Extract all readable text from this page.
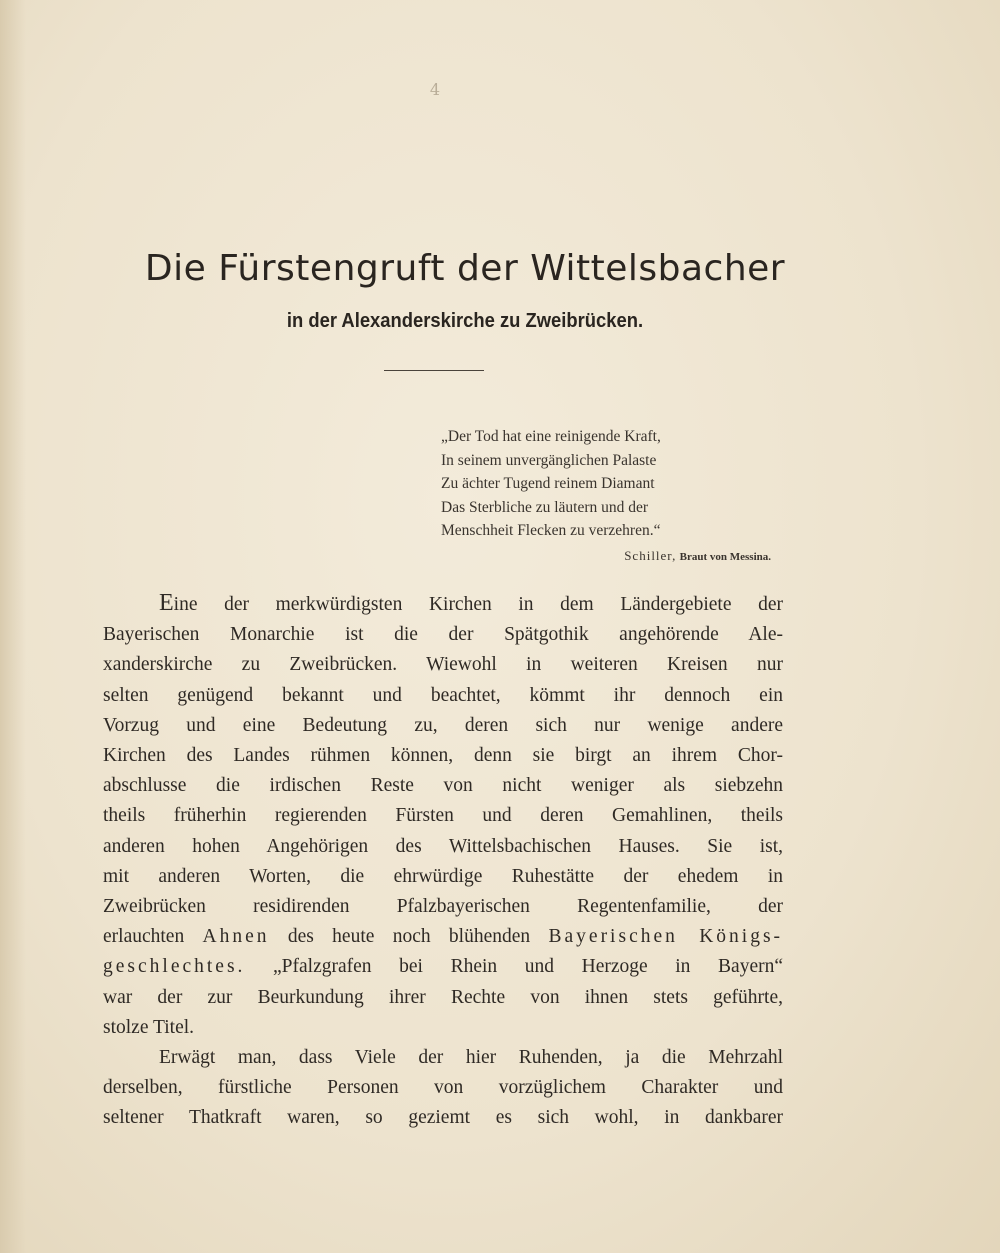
4
Die Fürstengruft der Wittelsbacher
in der Alexanderskirche zu Zweibrücken.
„Der Tod hat eine reinigende Kraft,
In seinem unvergänglichen Palaste
Zu ächter Tugend reinem Diamant
Das Sterbliche zu läutern und der
Menschheit Flecken zu verzehren.“
Schiller, Braut von Messina.

Eine der merkwürdigsten Kirchen in dem Ländergebiete der
Bayerischen Monarchie ist die der Spätgothik angehörende Ale-
xanderskirche zu Zweibrücken. Wiewohl in weiteren Kreisen nur
selten genügend bekannt und beachtet, kömmt ihr dennoch ein
Vorzug und eine Bedeutung zu, deren sich nur wenige andere
Kirchen des Landes rühmen können, denn sie birgt an ihrem Chor-
abschlusse die irdischen Reste von nicht weniger als siebzehn
theils früherhin regierenden Fürsten und deren Gemahlinen, theils
anderen hohen Angehörigen des Wittelsbachischen Hauses. Sie ist,
mit anderen Worten, die ehrwürdige Ruhestätte der ehedem in
Zweibrücken residirenden Pfalzbayerischen Regentenfamilie, der
erlauchten Ahnen des heute noch blühenden Bayerischen Königs-
geschlechtes. „Pfalzgrafen bei Rhein und Herzoge in Bayern“
war der zur Beurkundung ihrer Rechte von ihnen stets geführte,
stolze Titel.

Erwägt man, dass Viele der hier Ruhenden, ja die Mehrzahl
derselben, fürstliche Personen von vorzüglichem Charakter und
seltener Thatkraft waren, so geziemt es sich wohl, in dankbarer
